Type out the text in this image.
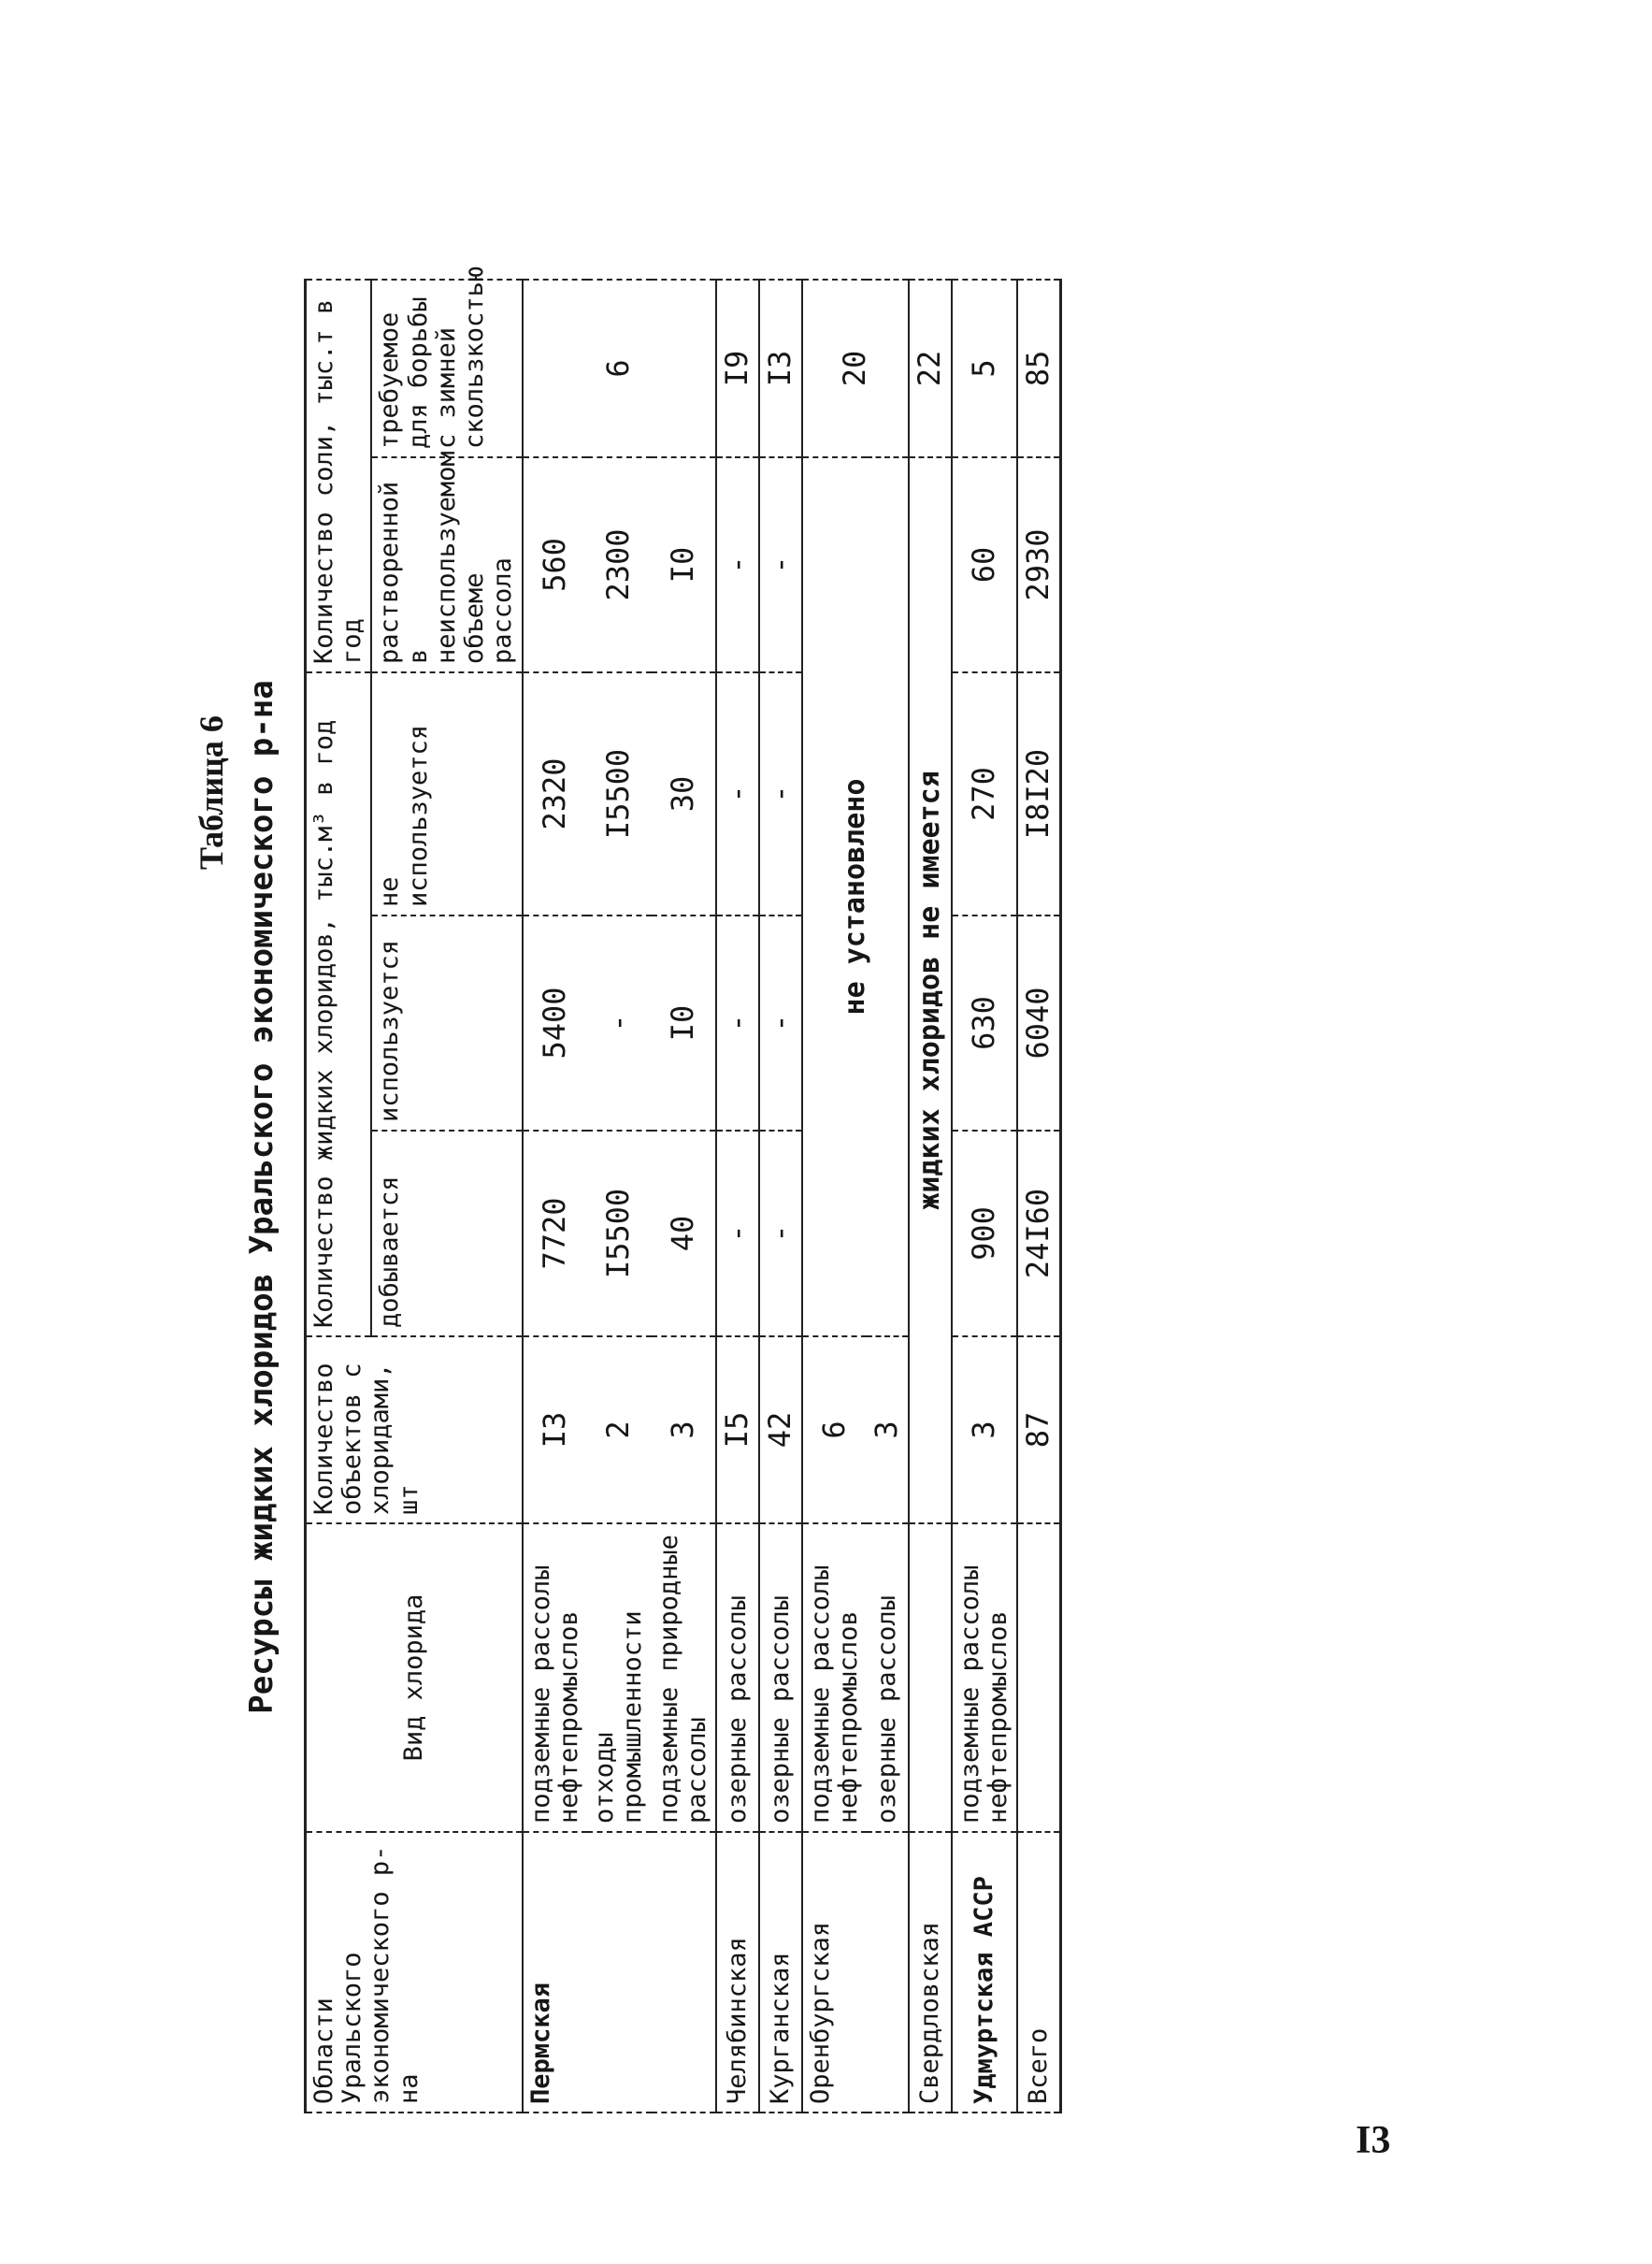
Таблица 6 Ресурсы жидких хлоридов Уральского экономического р-на
Области Уральского экономического р-на	Вид хлорида	Количество объектов с хлоридами, шт	Количество жидких хлоридов, тыс.м³ в год			Количество соли, тыс.т в год	
			добывается	используется	не используется	растворенной в неиспользуемом объеме рассола	требуемое для борьбы с зимней скользкостью
Пермская	подземные рассолы нефтепромыслов	I3	7720	5400	2320	560	6
	отходы промышленности	2	I5500	-	I5500	2300	
	подземные природные рассолы	3	40	I0	30	I0	
Челябинская	озерные рассолы	I5	-	-	-	-	I9
Курганская	озерные рассолы	42	-	-	-	-	I3
Оренбургская	подземные рассолы нефтепромыслов	6	не установлено				20
	озерные рассолы	3					
Свердловская		жидких хлоридов не имеется					22
Удмуртская АССР	подземные рассолы нефтепромыслов	3	900	630	270	60	5
Всего		87	24I60	6040	I8I20	2930	85
I3
